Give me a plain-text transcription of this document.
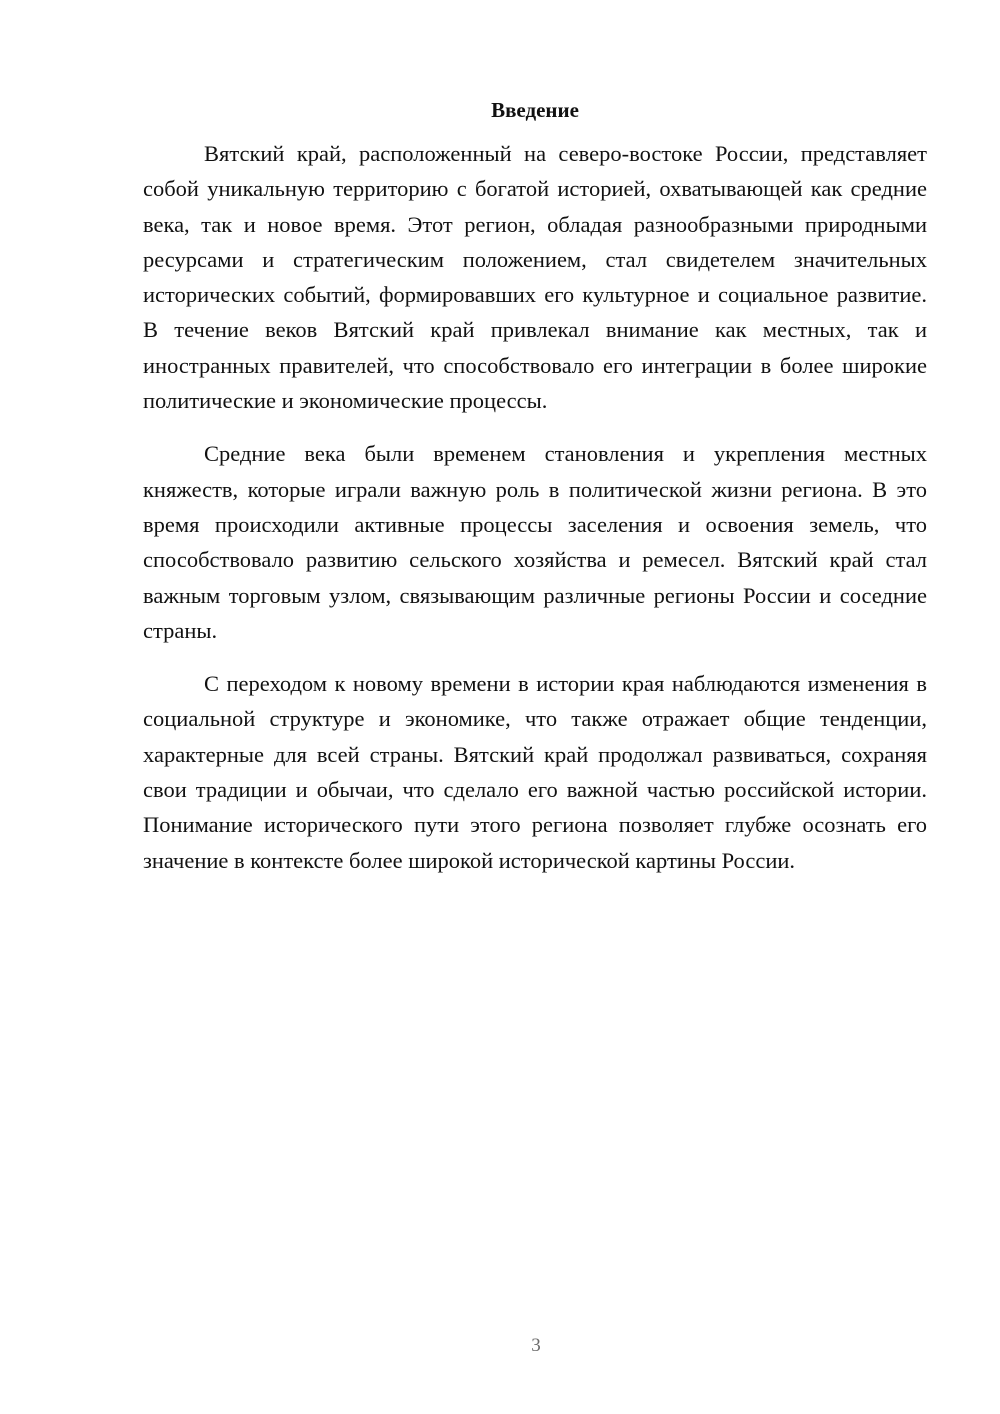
Введение

Вятский край, расположенный на северо-востоке России, представляет собой уникальную территорию с богатой историей, охватывающей как средние века, так и новое время. Этот регион, обладая разнообразными природными ресурсами и стратегическим положением, стал свидетелем значительных исторических событий, формировавших его культурное и социальное развитие. В течение веков Вятский край привлекал внимание как местных, так и иностранных правителей, что способствовало его интеграции в более широкие политические и экономические процессы.

Средние века были временем становления и укрепления местных княжеств, которые играли важную роль в политической жизни региона. В это время происходили активные процессы заселения и освоения земель, что способствовало развитию сельского хозяйства и ремесел. Вятский край стал важным торговым узлом, связывающим различные регионы России и соседние страны.

С переходом к новому времени в истории края наблюдаются изменения в социальной структуре и экономике, что также отражает общие тенденции, характерные для всей страны. Вятский край продолжал развиваться, сохраняя свои традиции и обычаи, что сделало его важной частью российской истории. Понимание исторического пути этого региона позволяет глубже осознать его значение в контексте более широкой исторической картины России.

3
